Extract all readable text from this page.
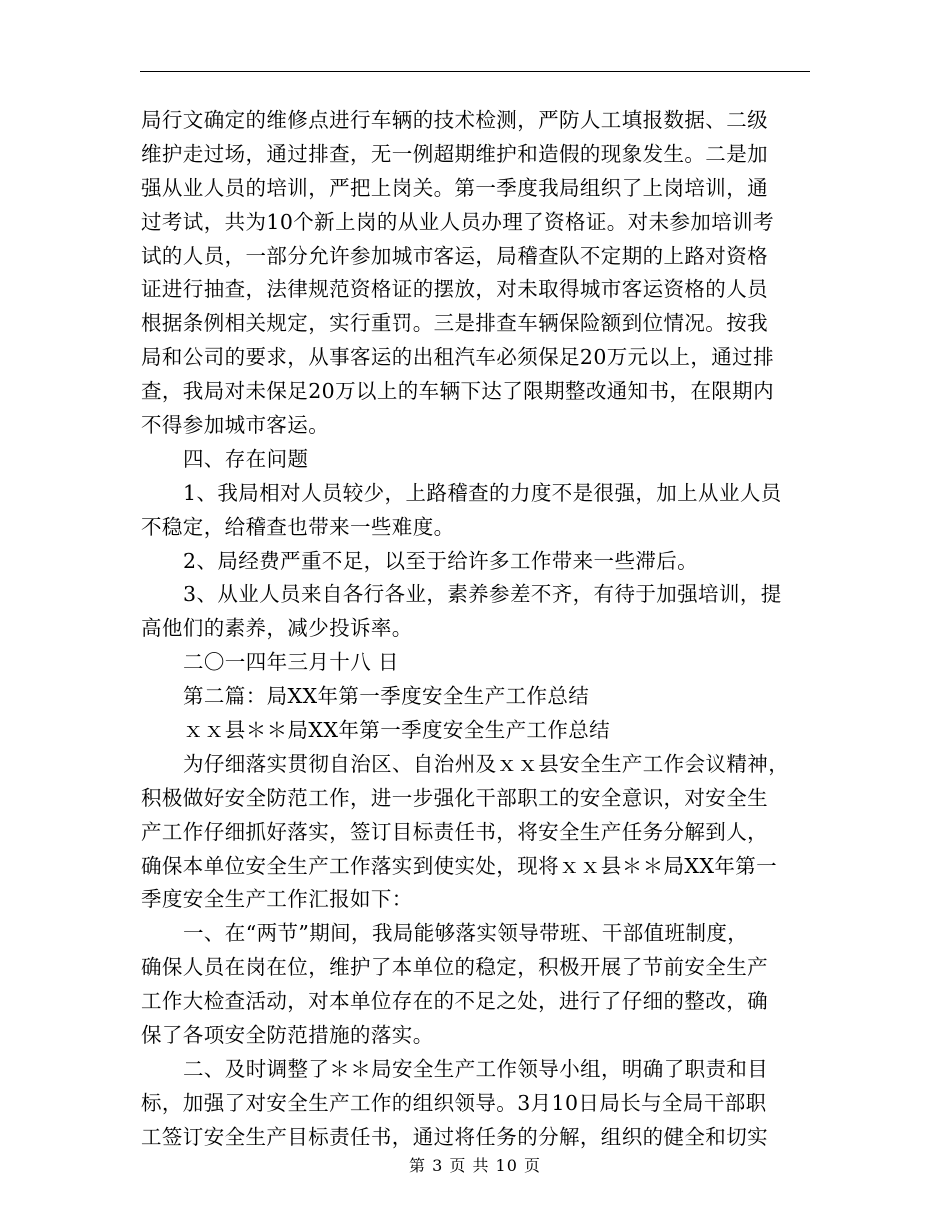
局行文确定的维修点进行车辆的技术检测，严防人工填报数据、二级
维护走过场，通过排查，无一例超期维护和造假的现象发生。二是加
强从业人员的培训，严把上岗关。第一季度我局组织了上岗培训，通
过考试，共为10个新上岗的从业人员办理了资格证。对未参加培训考
试的人员，一部分允许参加城市客运，局稽查队不定期的上路对资格
证进行抽查，法律规范资格证的摆放，对未取得城市客运资格的人员
根据条例相关规定，实行重罚。三是排查车辆保险额到位情况。按我
局和公司的要求，从事客运的出租汽车必须保足20万元以上，通过排
查，我局对未保足20万以上的车辆下达了限期整改通知书，在限期内
不得参加城市客运。
四、存在问题
1、我局相对人员较少，上路稽查的力度不是很强，加上从业人员
不稳定，给稽查也带来一些难度。
2、局经费严重不足，以至于给许多工作带来一些滞后。
3、从业人员来自各行各业，素养参差不齐，有待于加强培训，提
高他们的素养，减少投诉率。
二〇一四年三月十八 日
第二篇：局XX年第一季度安全生产工作总结
ｘｘ县＊＊局XX年第一季度安全生产工作总结
为仔细落实贯彻自治区、自治州及ｘｘ县安全生产工作会议精神，
积极做好安全防范工作，进一步强化干部职工的安全意识，对安全生
产工作仔细抓好落实，签订目标责任书，将安全生产任务分解到人，
确保本单位安全生产工作落实到使实处，现将ｘｘ县＊＊局XX年第一
季度安全生产工作汇报如下：
一、在“两节”期间，我局能够落实领导带班、干部值班制度，
确保人员在岗在位，维护了本单位的稳定，积极开展了节前安全生产
工作大检查活动，对本单位存在的不足之处，进行了仔细的整改，确
保了各项安全防范措施的落实。
二、及时调整了＊＊局安全生产工作领导小组，明确了职责和目
标，加强了对安全生产工作的组织领导。3月10日局长与全局干部职
工签订安全生产目标责任书，通过将任务的分解，组织的健全和切实
第 3 页 共 10 页
